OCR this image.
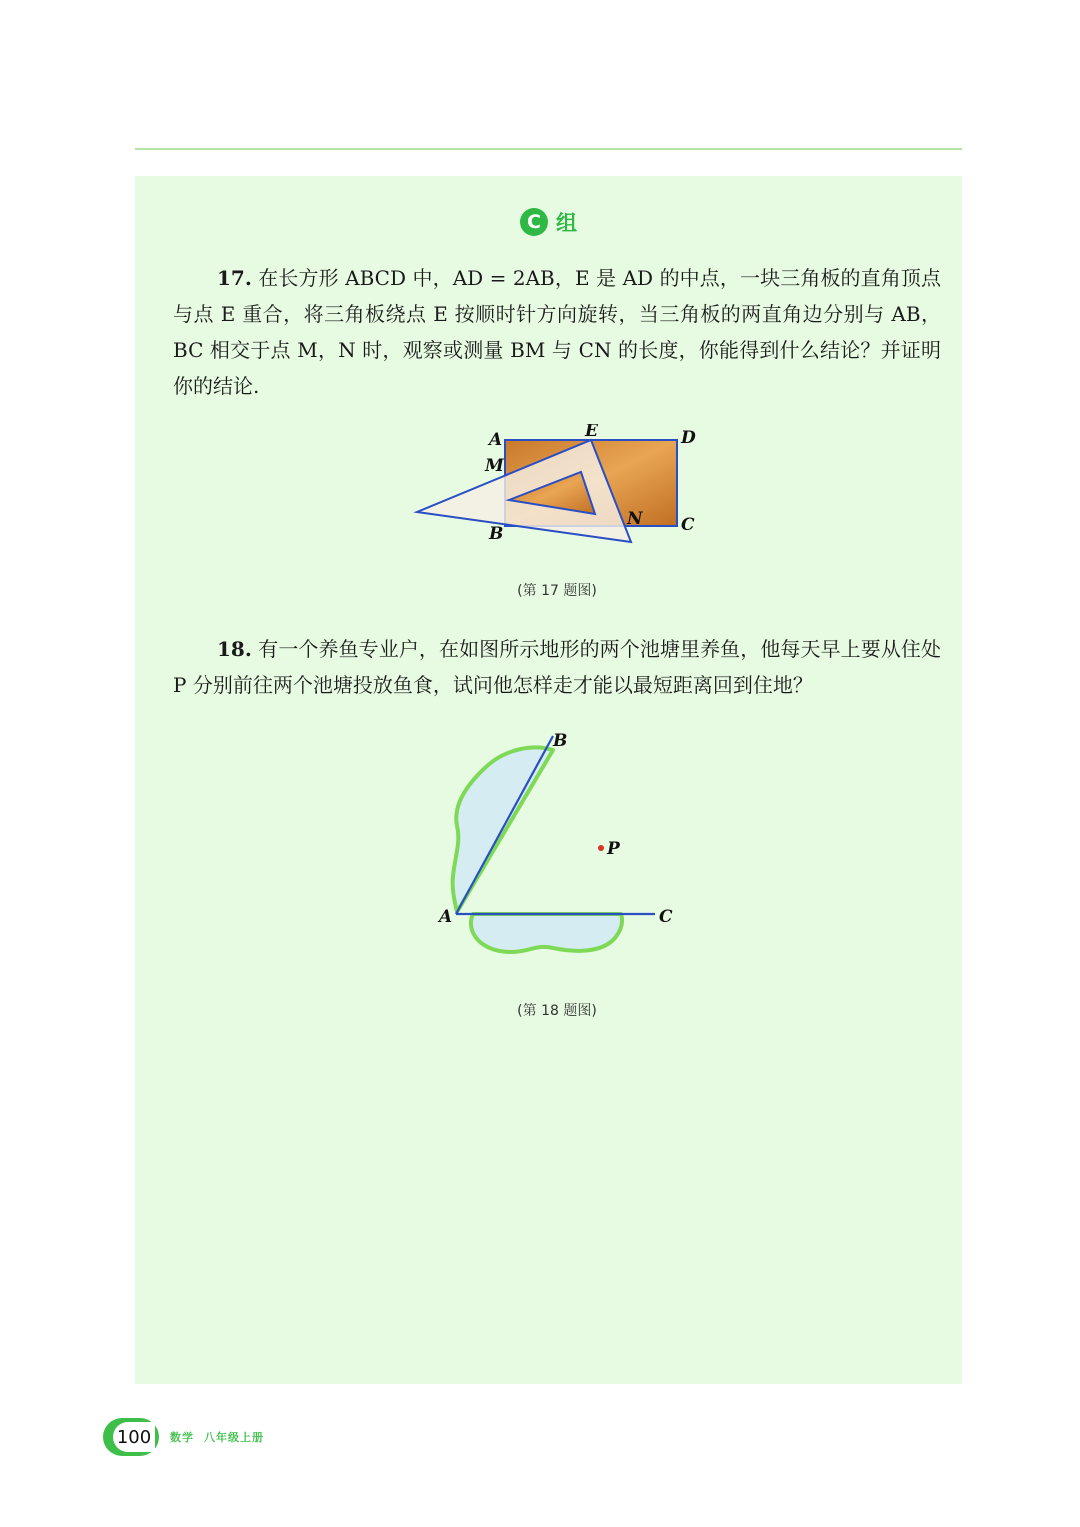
C 组
17. 在长方形 ABCD 中，AD = 2AB，E 是 AD 的中点，一块三角板的直角顶点与点 E 重合，将三角板绕点 E 按顺时针方向旋转，当三角板的两直角边分别与 AB，BC 相交于点 M，N 时，观察或测量 BM 与 CN 的长度，你能得到什么结论？并证明你的结论.
A	E	D
M
B
N C
(第 17 题图)
18. 有一个养鱼专业户，在如图所示地形的两个池塘里养鱼，他每天早上要从住处 P 分别前往两个池塘投放鱼食，试问他怎样走才能以最短距离回到住地？
B
P
A	C
(第 18 题图)
100	数学 八年级上册
